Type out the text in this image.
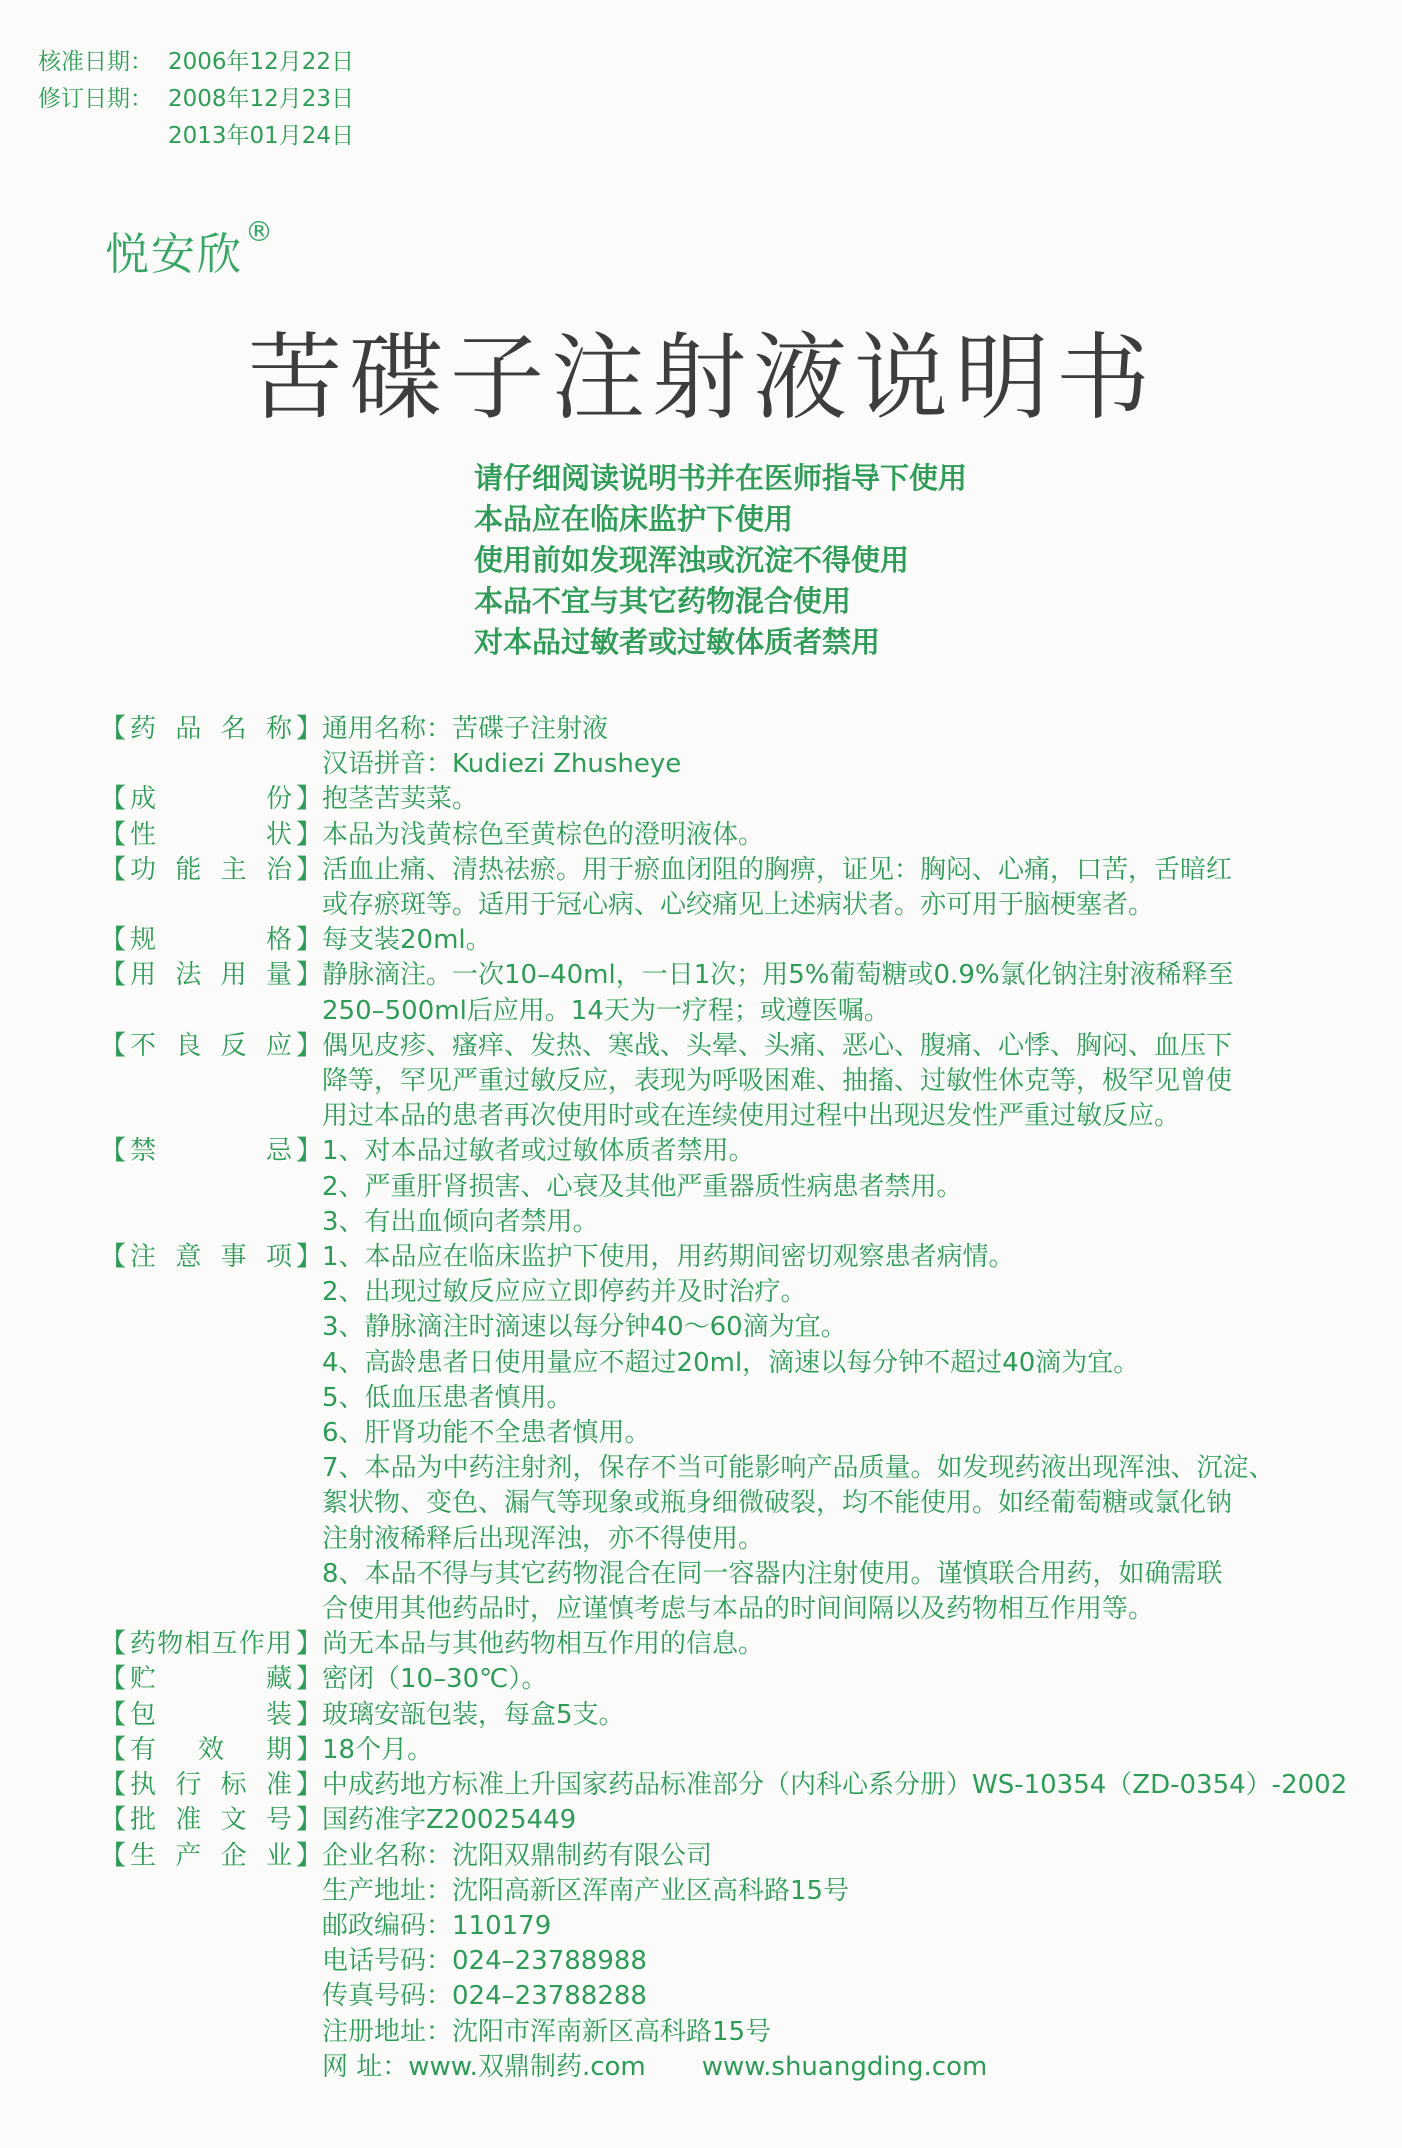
核准日期： 2006年12月22日
修订日期： 2008年12月23日
2013年01月24日
悦安欣®
苦碟子注射液说明书
请仔细阅读说明书并在医师指导下使用
本品应在临床监护下使用
使用前如发现浑浊或沉淀不得使用
本品不宜与其它药物混合使用
对本品过敏者或过敏体质者禁用
【 药 品 名 称 】 通用名称：苦碟子注射液
汉语拼音：Kudiezi Zhusheye
【 成	份 】 抱茎苦荬菜。
【 性	状 】 本品为浅黄棕色至黄棕色的澄明液体。
【 功 能 主 治 】 活血止痛、清热祛瘀。用于瘀血闭阻的胸痹，证见：胸闷、心痛，口苦，舌暗红
或存瘀斑等。适用于冠心病、心绞痛见上述病状者。亦可用于脑梗塞者。
【 规	格 】 每支装20ml。
【 用 法 用 量 】 静脉滴注。一次10–40ml，一日1次；用5%葡萄糖或0.9%氯化钠注射液稀释至
250–500ml后应用。14天为一疗程；或遵医嘱。
【 不 良 反 应 】 偶见皮疹、瘙痒、发热、寒战、头晕、头痛、恶心、腹痛、心悸、胸闷、血压下
降等，罕见严重过敏反应，表现为呼吸困难、抽搐、过敏性休克等，极罕见曾使
用过本品的患者再次使用时或在连续使用过程中出现迟发性严重过敏反应。
【 禁	忌 】 1、对本品过敏者或过敏体质者禁用。
2、严重肝肾损害、心衰及其他严重器质性病患者禁用。
3、有出血倾向者禁用。
【 注 意 事 项 】 1、本品应在临床监护下使用，用药期间密切观察患者病情。
2、出现过敏反应应立即停药并及时治疗。
3、静脉滴注时滴速以每分钟40～60滴为宜。
4、高龄患者日使用量应不超过20ml，滴速以每分钟不超过40滴为宜。
5、低血压患者慎用。
6、肝肾功能不全患者慎用。
7、本品为中药注射剂，保存不当可能影响产品质量。如发现药液出现浑浊、沉淀、
絮状物、变色、漏气等现象或瓶身细微破裂，均不能使用。如经葡萄糖或氯化钠
注射液稀释后出现浑浊，亦不得使用。
8、本品不得与其它药物混合在同一容器内注射使用。谨慎联合用药，如确需联
合使用其他药品时，应谨慎考虑与本品的时间间隔以及药物相互作用等。
【 药 物 相 互 作 用 】 尚无本品与其他药物相互作用的信息。
【 贮	藏 】 密闭（10–30℃）。
【 包	装 】 玻璃安瓿包装，每盒5支。
【 有 效 期 】 18个月。
【 执 行 标 准 】 中成药地方标准上升国家药品标准部分（内科心系分册）WS-10354（ZD-0354）-2002
【 批 准 文 号 】 国药准字Z20025449
【 生 产 企 业 】 企业名称：沈阳双鼎制药有限公司
生产地址：沈阳高新区浑南产业区高科路15号
邮政编码：110179
电话号码：024–23788988
传真号码：024–23788288
注册地址：沈阳市浑南新区高科路15号
网 址： www.双鼎制药.com www.shuangding.com
